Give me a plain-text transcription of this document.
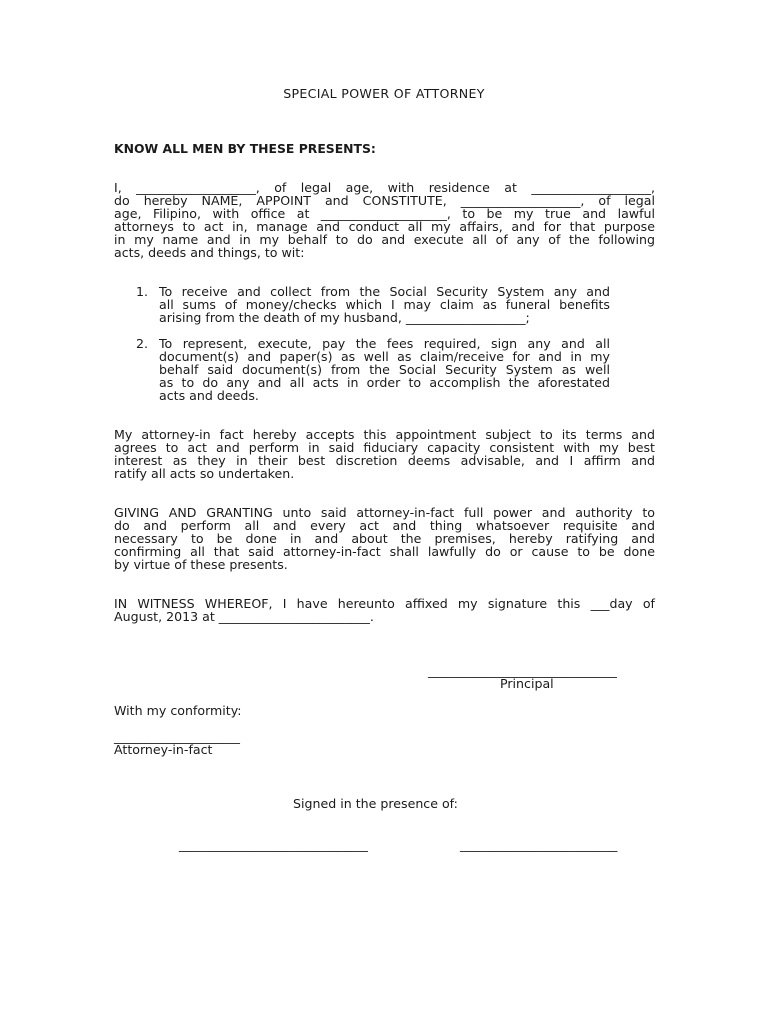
SPECIAL POWER OF ATTORNEY
KNOW ALL MEN BY THESE PRESENTS:
I, ___________________, of legal age, with residence at ___________________,
do hereby NAME, APPOINT and CONSTITUTE, ___________________, of legal
age, Filipino, with office at ____________________, to be my true and lawful
attorneys to act in, manage and conduct all my affairs, and for that purpose
in my name and in my behalf to do and execute all of any of the following
acts, deeds and things, to wit:
1. To receive and collect from the Social Security System any and
all sums of money/checks which I may claim as funeral benefits
arising from the death of my husband, ___________________;
2. To represent, execute, pay the fees required, sign any and all
document(s) and paper(s) as well as claim/receive for and in my
behalf said document(s) from the Social Security System as well
as to do any and all acts in order to accomplish the aforestated
acts and deeds.
My attorney-in fact hereby accepts this appointment subject to its terms and
agrees to act and perform in said fiduciary capacity consistent with my best
interest as they in their best discretion deems advisable, and I affirm and
ratify all acts so undertaken.
GIVING AND GRANTING unto said attorney-in-fact full power and authority to
do and perform all and every act and thing whatsoever requisite and
necessary to be done in and about the premises, hereby ratifying and
confirming all that said attorney-in-fact shall lawfully do or cause to be done
by virtue of these presents.
IN WITNESS WHEREOF, I have hereunto affixed my signature this ___day of
August, 2013 at ________________________.
______________________________
Principal
With my conformity:
____________________
Attorney-in-fact
Signed in the presence of:
______________________________	_________________________
